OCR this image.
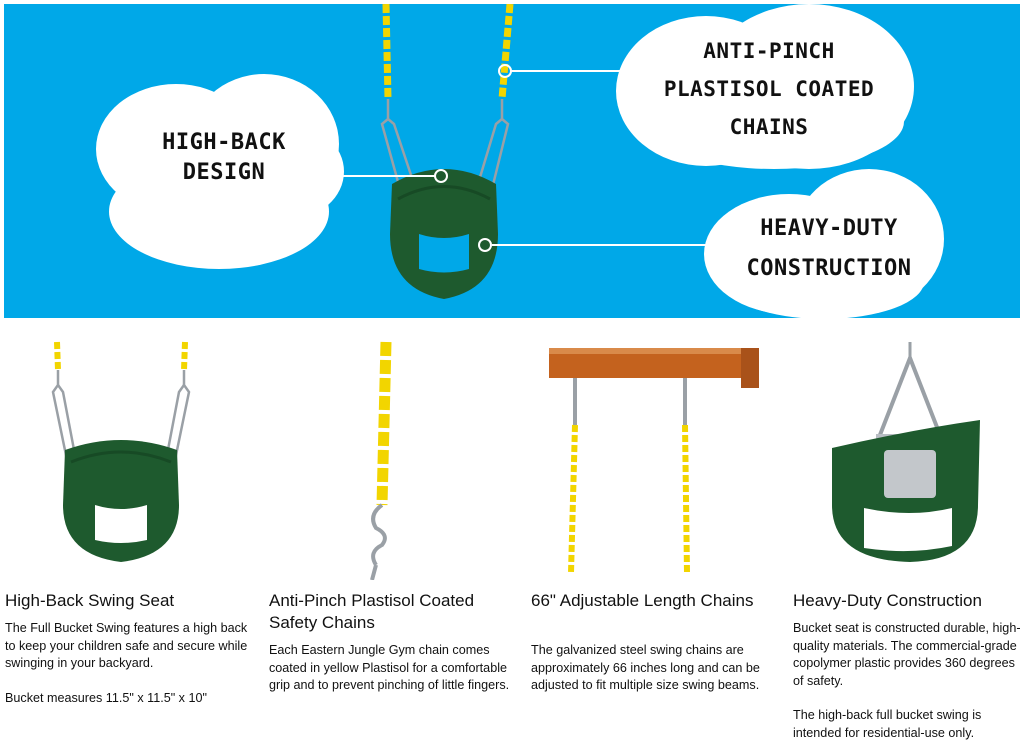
HIGH-BACK
DESIGN
ANTI-PINCH
PLASTISOL COATED
CHAINS
HEAVY-DUTY
CONSTRUCTION
High-Back Swing Seat

The Full Bucket Swing features a high back to keep your children safe and secure while swinging in your backyard.

Bucket measures 11.5" x 11.5" x 10"

Anti-Pinch Plastisol Coated Safety Chains

Each Eastern Jungle Gym chain comes coated in yellow Plastisol for a comfortable grip and to prevent pinching of little fingers.

66" Adjustable Length Chains

The galvanized steel swing chains are approximately 66 inches long and can be adjusted to fit multiple size swing beams.

Heavy-Duty Construction

Bucket seat is constructed durable, high-quality materials. The commercial-grade copolymer plastic provides 360 degrees of safety.

The high-back full bucket swing is intended for residential-use only.
